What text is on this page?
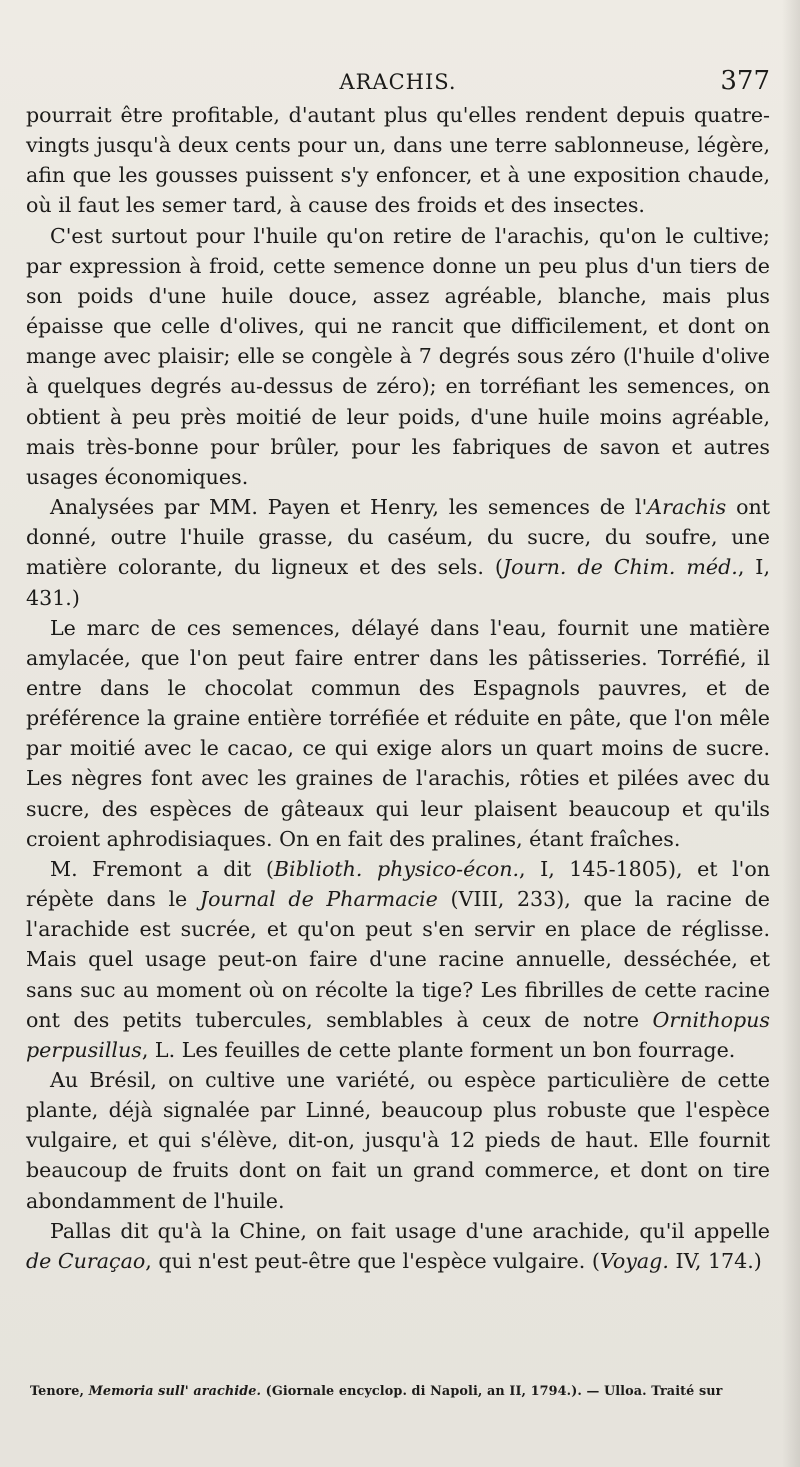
ARACHIS.	377

pourrait être profitable, d'autant plus qu'elles rendent depuis quatre-vingts jusqu'à deux cents pour un, dans une terre sablonneuse, légère, afin que les gousses puissent s'y enfoncer, et à une exposition chaude, où il faut les semer tard, à cause des froids et des insectes.

C'est surtout pour l'huile qu'on retire de l'arachis, qu'on le cultive; par expression à froid, cette semence donne un peu plus d'un tiers de son poids d'une huile douce, assez agréable, blanche, mais plus épaisse que celle d'olives, qui ne rancit que difficilement, et dont on mange avec plaisir; elle se congèle à 7 degrés sous zéro (l'huile d'olive à quelques degrés au-dessus de zéro); en torréfiant les semences, on obtient à peu près moitié de leur poids, d'une huile moins agréable, mais très-bonne pour brûler, pour les fabriques de savon et autres usages économiques.

Analysées par MM. Payen et Henry, les semences de l'Arachis ont donné, outre l'huile grasse, du caséum, du sucre, du soufre, une matière colorante, du ligneux et des sels. (Journ. de Chim. méd., I, 431.)

Le marc de ces semences, délayé dans l'eau, fournit une matière amylacée, que l'on peut faire entrer dans les pâtisseries. Torréfié, il entre dans le chocolat commun des Espagnols pauvres, et de préférence la graine entière torréfiée et réduite en pâte, que l'on mêle par moitié avec le cacao, ce qui exige alors un quart moins de sucre. Les nègres font avec les graines de l'arachis, rôties et pilées avec du sucre, des espèces de gâteaux qui leur plaisent beaucoup et qu'ils croient aphrodisiaques. On en fait des pralines, étant fraîches.

M. Fremont a dit (Biblioth. physico-écon., I, 145-1805), et l'on répète dans le Journal de Pharmacie (VIII, 233), que la racine de l'arachide est sucrée, et qu'on peut s'en servir en place de réglisse. Mais quel usage peut-on faire d'une racine annuelle, desséchée, et sans suc au moment où on récolte la tige? Les fibrilles de cette racine ont des petits tubercules, semblables à ceux de notre Ornithopus perpusillus, L. Les feuilles de cette plante forment un bon fourrage.

Au Brésil, on cultive une variété, ou espèce particulière de cette plante, déjà signalée par Linné, beaucoup plus robuste que l'espèce vulgaire, et qui s'élève, dit-on, jusqu'à 12 pieds de haut. Elle fournit beaucoup de fruits dont on fait un grand commerce, et dont on tire abondamment de l'huile.

Pallas dit qu'à la Chine, on fait usage d'une arachide, qu'il appelle de Curaçao, qui n'est peut-être que l'espèce vulgaire. (Voyag. IV, 174.)

Tenore, Memoria sull' arachide. (Giornale encyclop. di Napoli, an II, 1794.). — Ulloa. Traité sur
